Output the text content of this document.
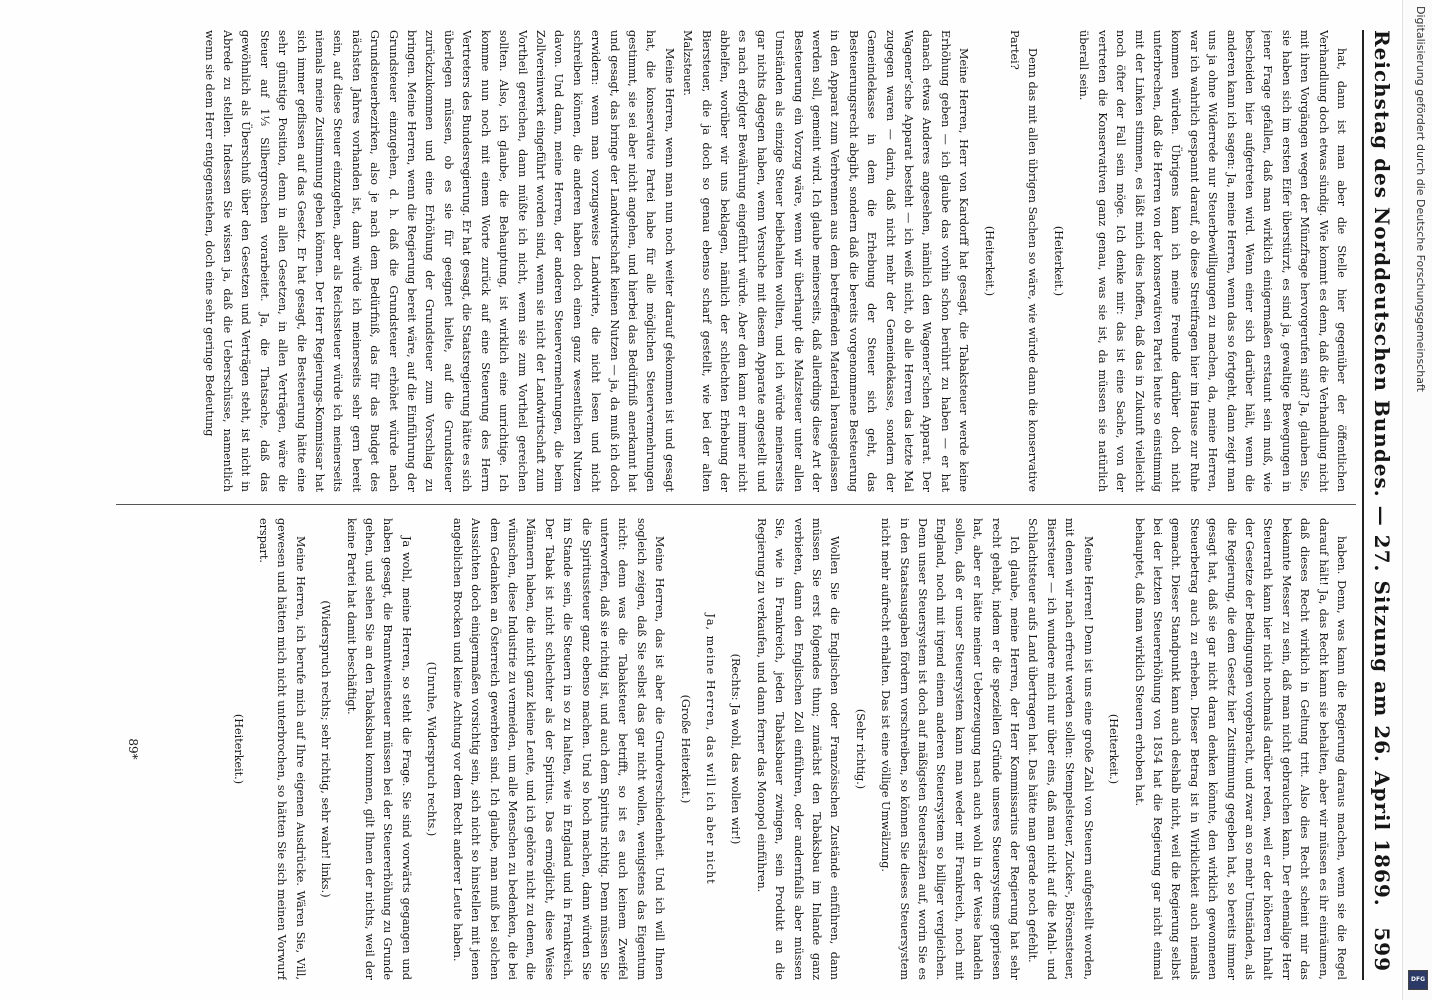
Reichstag des Norddeutschen Bundes. — 27. Sitzung am 26. April 1869.
599

hat, dann ist man aber die Stelle hier gegenüber der öffentlichen Verhandlung doch etwas sündig. Wie kommt es denn, daß die Verhandlung nicht mit ihren Vorgängen wegen der Münzfrage hervorgerufen sind? Ja, glauben Sie, sie haben sich im ersten Eifer überstürzt, es sind ja, gewaltige Bewegungen in jener Frage gefallen, daß man wirklich einigermaßen erstaunt sein muß, wie bescheiden hier aufgetreten wird. Wenn einer sich darüber hält, wenn die anderen kann ich sagen: Ja, meine Herren, wenn das so fortgeht, dann zeigt man uns ja ohne Widerrede nur Steuerbewilligungen zu machen, da, meine Herren, war ich wahrlich gespannt darauf, ob diese Streitfragen hier im Hause zur Ruhe kommen würden. Übrigens kann ich meine Freunde darüber doch nicht unterbrechen, daß die Herren von der konservativen Partei heute so einstimmig mit der Linken stimmen, es läßt mich dies hoffen, daß das in Zukunft vielleicht noch öfter der Fall sein möge. Ich denke mir: das ist eine Sache, von der vertreten die Konservativen ganz genau, was sie ist, da müssen sie natürlich überall sein.

(Heiterkeit.)

Denn das mit allen übrigen Sachen so wäre, wie würde dann die konservative Partei?

(Heiterkeit.)

Meine Herren, Herr von Kardorff hat gesagt, die Tabaksteuer werde keine Erhöhung geben — ich glaube das vorhin schon berührt zu haben — er hat danach etwas Anderes angesehen, nämlich den Wagener’schen Apparat. Der Wagener’sche Apparat besteht — ich weiß nicht, ob alle Herren das letzte Mal zugegen waren — darin, daß nicht mehr der Gemeindekasse, sondern der Gemeindekasse in dem die Erhebung der Steuer sich geht, das Besteuerungsrecht abgibt, sondern daß die bereits vorgenommene Besteuerung in den Apparat zum Verbrennen aus dem betreffenden Material herausgelassen werden soll, gemeint wird. Ich glaube meinerseits, daß allerdings diese Art der Besteuerung ein Vorzug wäre, wenn wir überhaupt die Malzsteuer unter allen Umständen als einzige Steuer beibehalten wollten, und ich würde meinerseits gar nichts dagegen haben, wenn Versuche mit diesem Apparate angestellt und es nach erfolgter Bewährung eingeführt würde. Aber dem kann er immer nicht abhelfen, worüber wir uns beklagen, nämlich der schlechten Erhebung der Biersteuer, die ja doch so genau ebenso scharf gestellt, wie bei der alten Malzsteuer.

Meine Herren, wenn man nun noch weiter darauf gekommen ist und gesagt hat, die konservative Partei habe für alle möglichen Steuervermehrungen gestimmt, sie sei aber nicht angehen, und hierbei das Bedürfniß anerkannt hat und gesagt, das bringe der Landwirtschaft keinen Nutzen — ja, da muß ich doch erwidern: wenn man vorzugsweise Landwirte, die nicht lesen und nicht schreiben können, die anderen haben doch einen ganz wesentlichen Nutzen davon. Und dann, meine Herren, der anderen Steuervermehrungen, die beim Zollvereinwerk eingeführt worden sind, wenn sie nicht der Landwirtschaft zum Vortheil gereichen, dann müßte ich nicht, wenn sie zum Vortheil gereichen sollten. Also, ich glaube, die Behauptung, ist wirklich eine unrichtige. Ich komme nun noch mit einem Worte zurück auf eine Steuerung des Herrn Vertreters des Bundesregierung. Er hat gesagt, die Staatsregierung hätte es sich überlegen müssen, ob es sie für geeignet hielte, auf die Grundsteuer zurückzukommen und eine Erhöhung der Grundsteuer zum Vorschlag zu bringen. Meine Herren, wenn die Regierung bereit wäre, auf die Einführung der Grundsteuer einzugehen, d. h. daß die Grundsteuer erhöhet würde nach Grundsteuerbezirken, also je nach dem Bedürfniß, das für das Budget des nächsten Jahres vorhanden ist, dann würde ich meinerseits sehr gern bereit sein, auf diese Steuer einzugehen, aber als Reichssteuer würde ich meinerseits niemals meine Zustimmung geben können. Der Herr Regierungs-Kommissar hat sich immer geflissen auf das Gesetz. Er hat gesagt, die Besteuerung hätte eine sehr günstige Position, denn in allen Gesetzen, in allen Verträgen, wäre die Steuer auf 1⅓ Silbergroschen vorarbeitet. Ja, die Thatsache, daß das gewöhnlich als Überschuß über den Gesetzen und Verträgen steht, ist nicht in Abrede zu stellen. Indessen Sie wissen ja, daß die Ueberschüsse, namentlich wenn sie dem Herr entgegenstehen, doch eine sehr geringe Bedeutung

haben. Denn, was kann die Regierung daraus machen, wenn sie die Regel darauf hält! Ja, das Recht kann sie behalten, aber wir müssen es ihr einräumen, daß dieses Recht wirklich in Geltung tritt. Also dies Recht scheint mir das bekannte Messer zu sein, daß man nicht gebrauchen kann. Der ehemalige Herr Steuerrath kann hier nicht nochmals darüber reden, weil er der höheren Inhalt der Gesetze der Bedingungen vorgebracht, und zwar an so mehr Umständen, als die Regierung, die dem Gesetz hier Zustimmung gegeben hat, so bereits immer gesagt hat, daß sie gar nicht daran denken könnte, den wirklich gewonnenen Steuerbetrag auch zu erheben. Dieser Betrag ist in Wirklichkeit auch niemals gemacht. Dieser Standpunkt kann auch deshalb nicht, weil die Regierung selbst bei der letzten Steuererhöhung von 1854 hat die Regierung gar nicht einmal behauptet, daß man wirklich Steuern erhoben hat.

(Heiterkeit.)

Meine Herren! Denn ist uns eine große Zahl von Steuern aufgestellt worden, mit denen wir nach erfreut werden sollen: Stempelsteuer, Zucker-, Börsensteuer, Biersteuer — ich wundere mich nur über eins, daß man nicht auf die Mahl- und Schlachtsteuer aufs Land übertragen hat. Das hätte man gerade noch gefehlt.

Ich glaube, meine Herren, der Herr Kommissarius der Regierung hat sehr recht gehabt, indem er die speziellen Gründe unseres Steuersystems gepriesen hat, aber er hätte meiner Ueberzeugung nach auch wohl in der Weise handeln sollen, daß er unser Steuersystem kann man weder mit Frankreich, noch mit England, noch mit irgend einem anderen Steuersystem so billiger vergleichen. Denn unser Steuersystem ist doch auf mäßigsten Steuersätzen auf, worin Sie es in den Staatsausgaben fördern vorschreiben, so können Sie dieses Steuersystem nicht mehr aufrecht erhalten. Das ist eine völlige Umwälzung.

(Sehr richtig.)

Wollen Sie die Englischen oder Französischen Zustände einführen, dann müssen Sie erst folgendes thun; zunächst den Tabaksbau im Inlande ganz verbieten, dann den Englischen Zoll einführen, oder andernfalls aber müssen Sie, wie in Frankreich, jeden Tabaksbauer zwingen, sein Produkt an die Regierung zu verkaufen, und dann ferner das Monopol einführen.

(Rechts: Ja wohl, das wollen wir!)

Ja, meine Herren, das will ich aber nicht

(Große Heiterkeit.)

Meine Herren, das ist aber die Grundverschiedenheit. Und ich will Ihnen sogleich zeigen, daß Sie selbst das gar nicht wollen, wenigstens das Eigentum nicht: denn was die Tabaksteuer betrifft, so ist es auch keinem Zweifel unterworfen, daß sie richtig ist, und auch dem Spiritus richtig. Denn müssen Sie die Spiritussteuer ganz ebenso machen. Und so hoch machen, dann würden Sie im Stande sein, die Steuern in so zu halten, wie in England und in Frankreich. Der Tabak ist nicht schlechter als der Spiritus. Das ermöglicht, diese Weise Männern haben, die nicht ganz kleine Leute, und ich gehöre nicht zu denen, die wünschen, diese Industrie zu vermeiden, um alle Menschen zu bedenken, die bei dem Gedanken an Österreich gewerbten sind. Ich glaube, man muß bei solchen Aussichten doch einigermaßen vorsichtig sein, sich nicht so hinstellen mit jenen angeblichen Brocken und keine Achtung vor dem Recht anderer Leute haben.

(Unruhe, Widerspruch rechts.)

Ja wohl, meine Herren, so steht die Frage. Sie sind vorwärts gegangen und haben gesagt, die Branntweinsteuer müssen bei der Steuererhöhung zu Grunde gehen, und sehen Sie an den Tabaksbau kommen, gilt Ihnen der nichts, weil der keine Partei hat damit beschäftigt.

(Widerspruch rechts; sehr richtig, sehr wahr! links.)

Meine Herren, ich berufe mich auf Ihre eigenen Ausdrücke. Wären Sie, Vill, gewesen und hätten mich nicht unterbrochen, so hätten Sie sich meinen Vorwurf erspart.

(Heiterkeit.)

89*
Digitalisierung gefördert durch die Deutsche Forschungsgemeinschaft
DFG
